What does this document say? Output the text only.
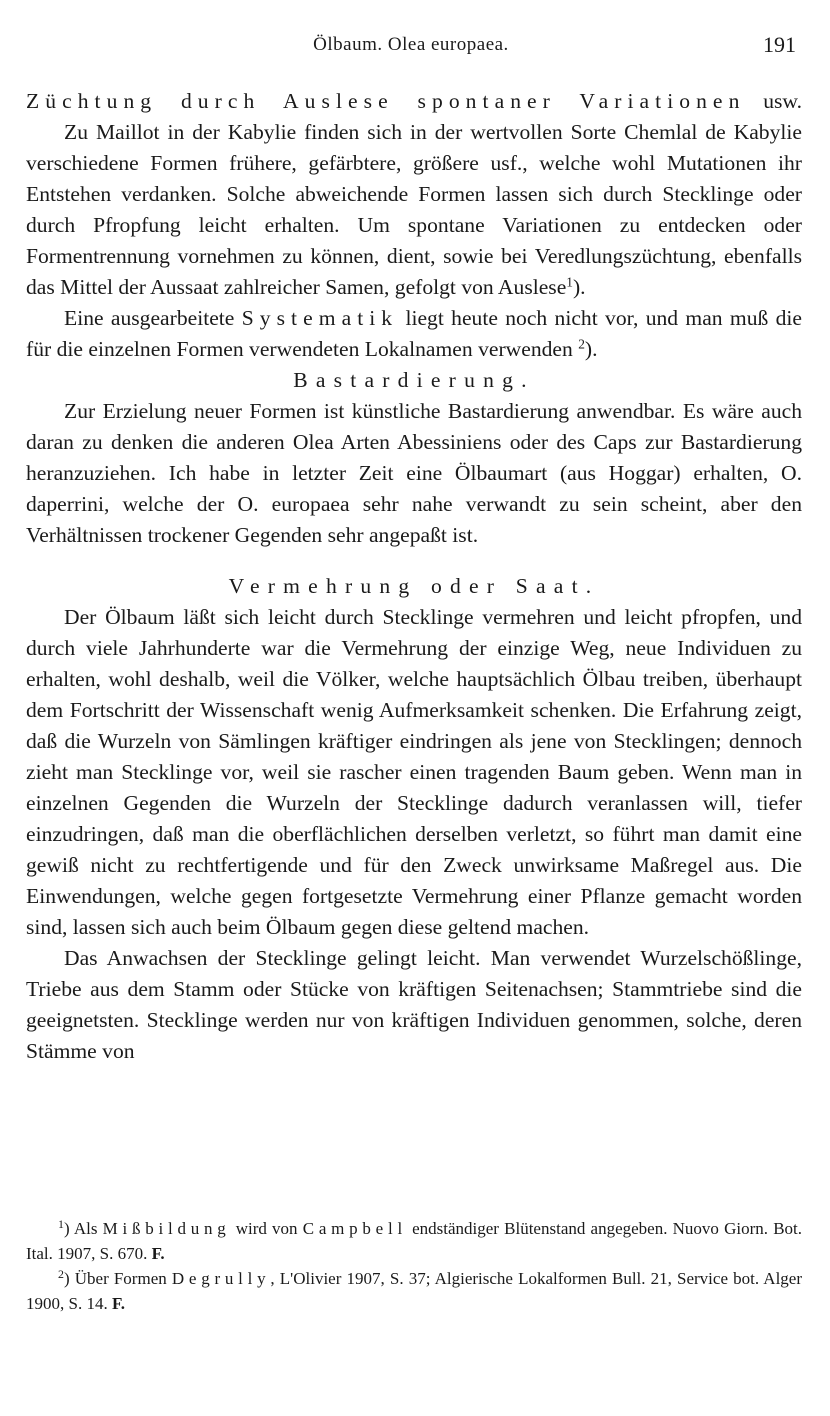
Ölbaum. Olea europaea.	191

Züchtung durch Auslese spontaner Variationen usw.

Zu Maillot in der Kabylie finden sich in der wertvollen Sorte Chemlal de Kabylie verschiedene Formen frühere, gefärbtere, größere usf., welche wohl Mutationen ihr Entstehen verdanken. Solche abweichende Formen lassen sich durch Stecklinge oder durch Pfropfung leicht erhalten. Um spontane Variationen zu entdecken oder Formentrennung vornehmen zu können, dient, sowie bei Veredlungszüchtung, ebenfalls das Mittel der Aussaat zahlreicher Samen, gefolgt von Auslese$^1$).

Eine ausgearbeitete Systematik liegt heute noch nicht vor, und man muß die für die einzelnen Formen verwendeten Lokalnamen verwenden $^2$).

Bastardierung.

Zur Erzielung neuer Formen ist künstliche Bastardierung anwendbar. Es wäre auch daran zu denken die anderen Olea Arten Abessiniens oder des Caps zur Bastardierung heranzuziehen. Ich habe in letzter Zeit eine Ölbaumart (aus Hoggar) erhalten, O. daperrini, welche der O. europaea sehr nahe verwandt zu sein scheint, aber den Verhältnissen trockener Gegenden sehr angepaßt ist.

Vermehrung oder Saat.

Der Ölbaum läßt sich leicht durch Stecklinge vermehren und leicht pfropfen, und durch viele Jahrhunderte war die Vermehrung der einzige Weg, neue Individuen zu erhalten, wohl deshalb, weil die Völker, welche hauptsächlich Ölbau treiben, überhaupt dem Fortschritt der Wissenschaft wenig Aufmerksamkeit schenken. Die Erfahrung zeigt, daß die Wurzeln von Sämlingen kräftiger eindringen als jene von Stecklingen; dennoch zieht man Stecklinge vor, weil sie rascher einen tragenden Baum geben. Wenn man in einzelnen Gegenden die Wurzeln der Stecklinge dadurch veranlassen will, tiefer einzudringen, daß man die oberflächlichen derselben verletzt, so führt man damit eine gewiß nicht zu rechtfertigende und für den Zweck unwirksame Maßregel aus. Die Einwendungen, welche gegen fortgesetzte Vermehrung einer Pflanze gemacht worden sind, lassen sich auch beim Ölbaum gegen diese geltend machen.

Das Anwachsen der Stecklinge gelingt leicht. Man verwendet Wurzelschößlinge, Triebe aus dem Stamm oder Stücke von kräftigen Seitenachsen; Stammtriebe sind die geeignetsten. Stecklinge werden nur von kräftigen Individuen genommen, solche, deren Stämme von

$^1$) Als Mißbildung wird von Campbell endständiger Blütenstand angegeben. Nuovo Giorn. Bot. Ital. 1907, S. 670. F.

$^2$) Über Formen Degrully, L'Olivier 1907, S. 37; Algierische Lokalformen Bull. 21, Service bot. Alger 1900, S. 14. F.
